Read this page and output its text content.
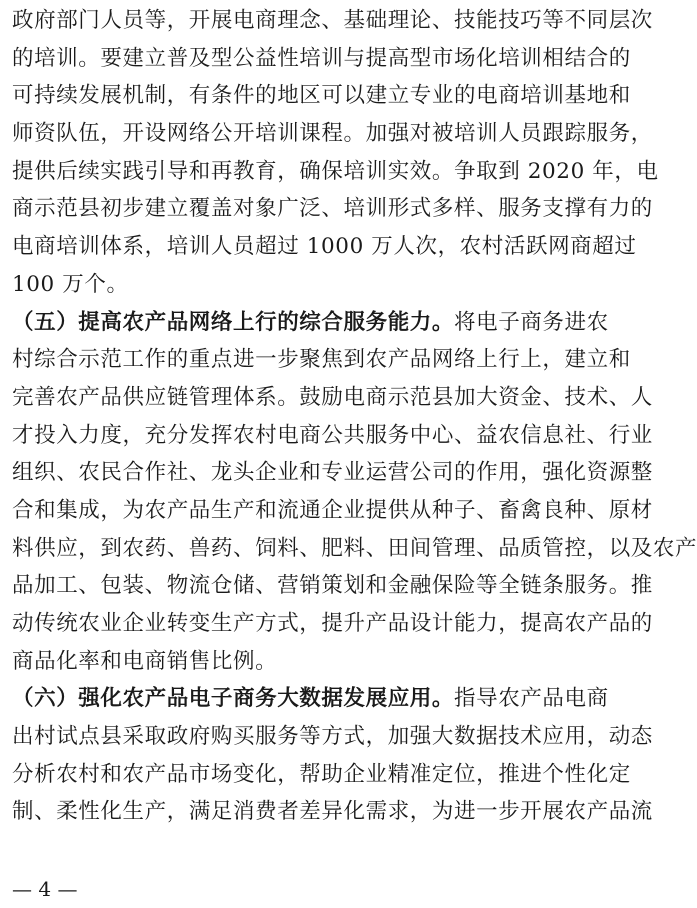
政府部门人员等，开展电商理念、基础理论、技能技巧等不同层次
的培训。要建立普及型公益性培训与提高型市场化培训相结合的
可持续发展机制，有条件的地区可以建立专业的电商培训基地和
师资队伍，开设网络公开培训课程。加强对被培训人员跟踪服务，
提供后续实践引导和再教育，确保培训实效。争取到 2020 年，电
商示范县初步建立覆盖对象广泛、培训形式多样、服务支撑有力的
电商培训体系，培训人员超过 1000 万人次，农村活跃网商超过
100 万个。
（五）提高农产品网络上行的综合服务能力。将电子商务进农
村综合示范工作的重点进一步聚焦到农产品网络上行上，建立和
完善农产品供应链管理体系。鼓励电商示范县加大资金、技术、人
才投入力度，充分发挥农村电商公共服务中心、益农信息社、行业
组织、农民合作社、龙头企业和专业运营公司的作用，强化资源整
合和集成，为农产品生产和流通企业提供从种子、畜禽良种、原材
料供应，到农药、兽药、饲料、肥料、田间管理、品质管控，以及农产
品加工、包装、物流仓储、营销策划和金融保险等全链条服务。推
动传统农业企业转变生产方式，提升产品设计能力，提高农产品的
商品化率和电商销售比例。
（六）强化农产品电子商务大数据发展应用。指导农产品电商
出村试点县采取政府购买服务等方式，加强大数据技术应用，动态
分析农村和农产品市场变化，帮助企业精准定位，推进个性化定
制、柔性化生产，满足消费者差异化需求，为进一步开展农产品流
— 4 —
